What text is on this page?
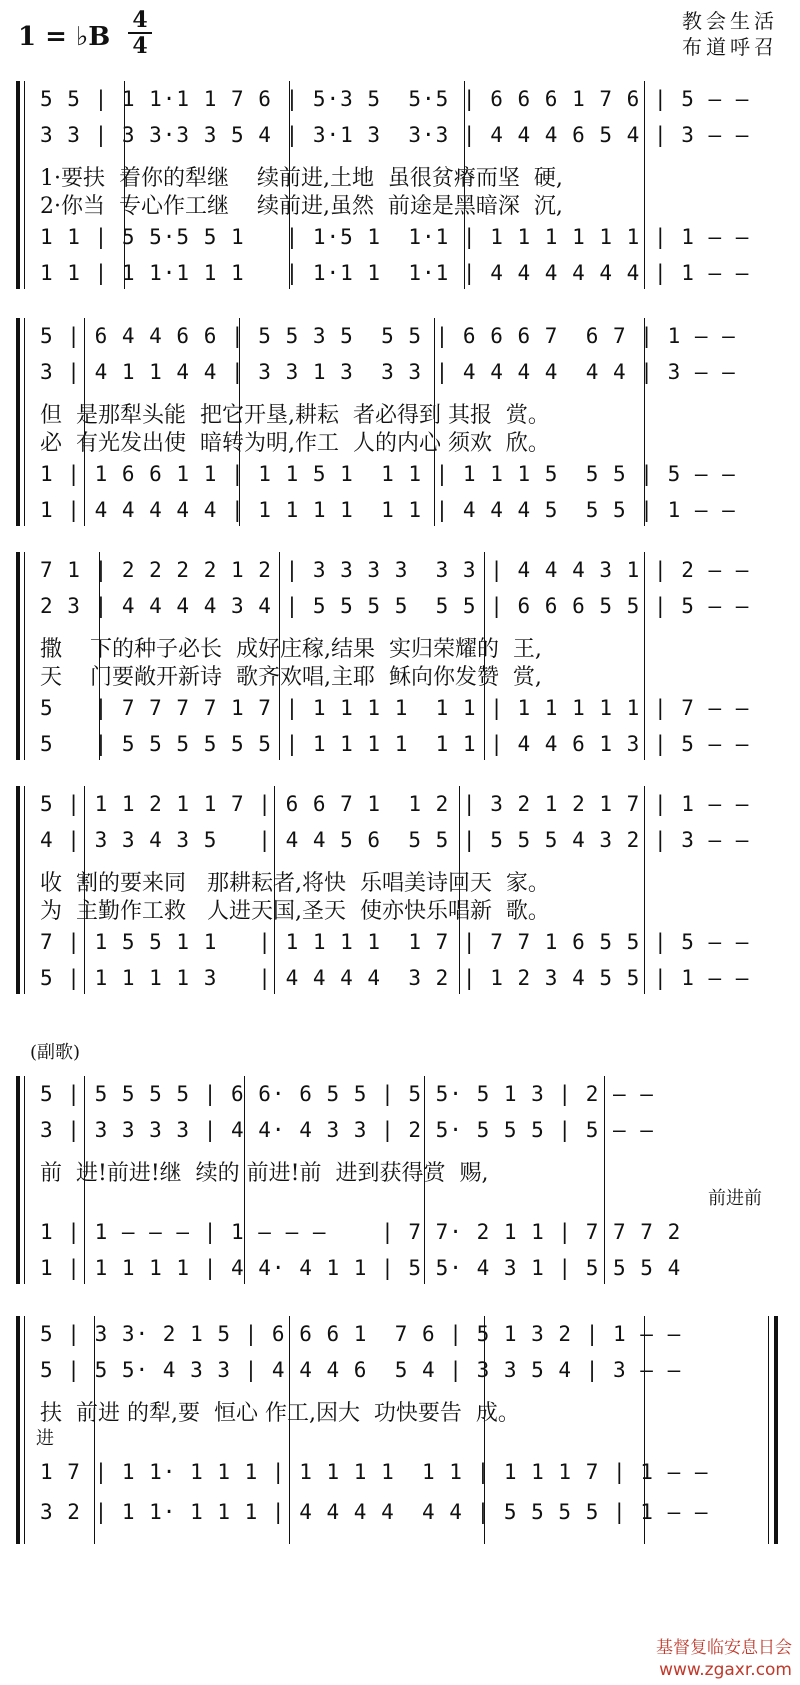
1 = ♭B
4
4
教会生活
布道呼召
5 5 | 1 1·1 1 7 6 | 5·3 5  5·5 | 6 6 6 1 7 6 | 5 — —
3 3 | 3 3·3 3 5 4 | 3·1 3  3·3 | 4 4 4 6 5 4 | 3 — —
1·要扶  着你的犁继    续前进,土地  虽很贫瘠而坚  硬,
2·你当  专心作工继    续前进,虽然  前途是黑暗深  沉,
1 1 | 5 5·5 5 1   | 1·5 1  1·1 | 1 1 1 1 1 1 | 1 — —
1 1 | 1 1·1 1 1   | 1·1 1  1·1 | 4 4 4 4 4 4 | 1 — —
5 | 6 4 4 6 6 | 5 5 3 5  5 5 | 6 6 6 7  6 7 | 1 — —
3 | 4 1 1 4 4 | 3 3 1 3  3 3 | 4 4 4 4  4 4 | 3 — —
但  是那犁头能  把它开垦,耕耘  者必得到 其报  赏。
必  有光发出使  暗转为明,作工  人的内心 须欢  欣。
1 | 1 6 6 1 1 | 1 1 5 1  1 1 | 1 1 1 5  5 5 | 5 — —
1 | 4 4 4 4 4 | 1 1 1 1  1 1 | 4 4 4 5  5 5 | 1 — —
7 1 | 2 2 2 2 1 2 | 3 3 3 3  3 3 | 4 4 4 3 1 | 2 — —
2 3 | 4 4 4 4 3 4 | 5 5 5 5  5 5 | 6 6 6 5 5 | 5 — —
撒    下的种子必长  成好庄稼,结果  实归荣耀的  王,
天    门要敞开新诗  歌齐欢唱,主耶  稣向你发赞  赏,
5   | 7 7 7 7 1 7 | 1 1 1 1  1 1 | 1 1 1 1 1 | 7 — —
5   | 5 5 5 5 5 5 | 1 1 1 1  1 1 | 4 4 6 1 3 | 5 — —
5 | 1 1 2 1 1 7 | 6 6 7 1  1 2 | 3 2 1 2 1 7 | 1 — —
4 | 3 3 4 3 5   | 4 4 5 6  5 5 | 5 5 5 4 3 2 | 3 — —
收  割的要来同   那耕耘者,将快  乐唱美诗回天  家。
为  主勤作工救   人进天国,圣天  使亦快乐唱新  歌。
7 | 1 5 5 1 1   | 1 1 1 1  1 7 | 7 7 1 6 5 5 | 5 — —
5 | 1 1 1 1 3   | 4 4 4 4  3 2 | 1 2 3 4 5 5 | 1 — —
(副歌)
5 | 5 5 5 5 | 6 6· 6 5 5 | 5 5· 5 1 3 | 2 — —
3 | 3 3 3 3 | 4 4· 4 3 3 | 2 5· 5 5 5 | 5 — —
前  进!前进!继  续的 前进!前  进到获得赏  赐,
前进前
1 | 1 — — — | 1 — — —    | 7 7· 2 1 1 | 7 7 7 2
1 | 1 1 1 1 | 4 4· 4 1 1 | 5 5· 4 3 1 | 5 5 5 4
5 | 3 3· 2 1 5 | 6 6 6 1  7 6 | 5 1 3 2 | 1 — —
5 | 5 5· 4 3 3 | 4 4 4 6  5 4 | 3 3 5 4 | 3 — —
扶  前进 的犁,要  恒心 作工,因大  功快要告  成。
进
1 7 | 1 1· 1 1 1 | 1 1 1 1  1 1 | 1 1 1 7 | 1 — —
3 2 | 1 1· 1 1 1 | 4 4 4 4  4 4 | 5 5 5 5 | 1 — —
基督复临安息日会
www.zgaxr.com
